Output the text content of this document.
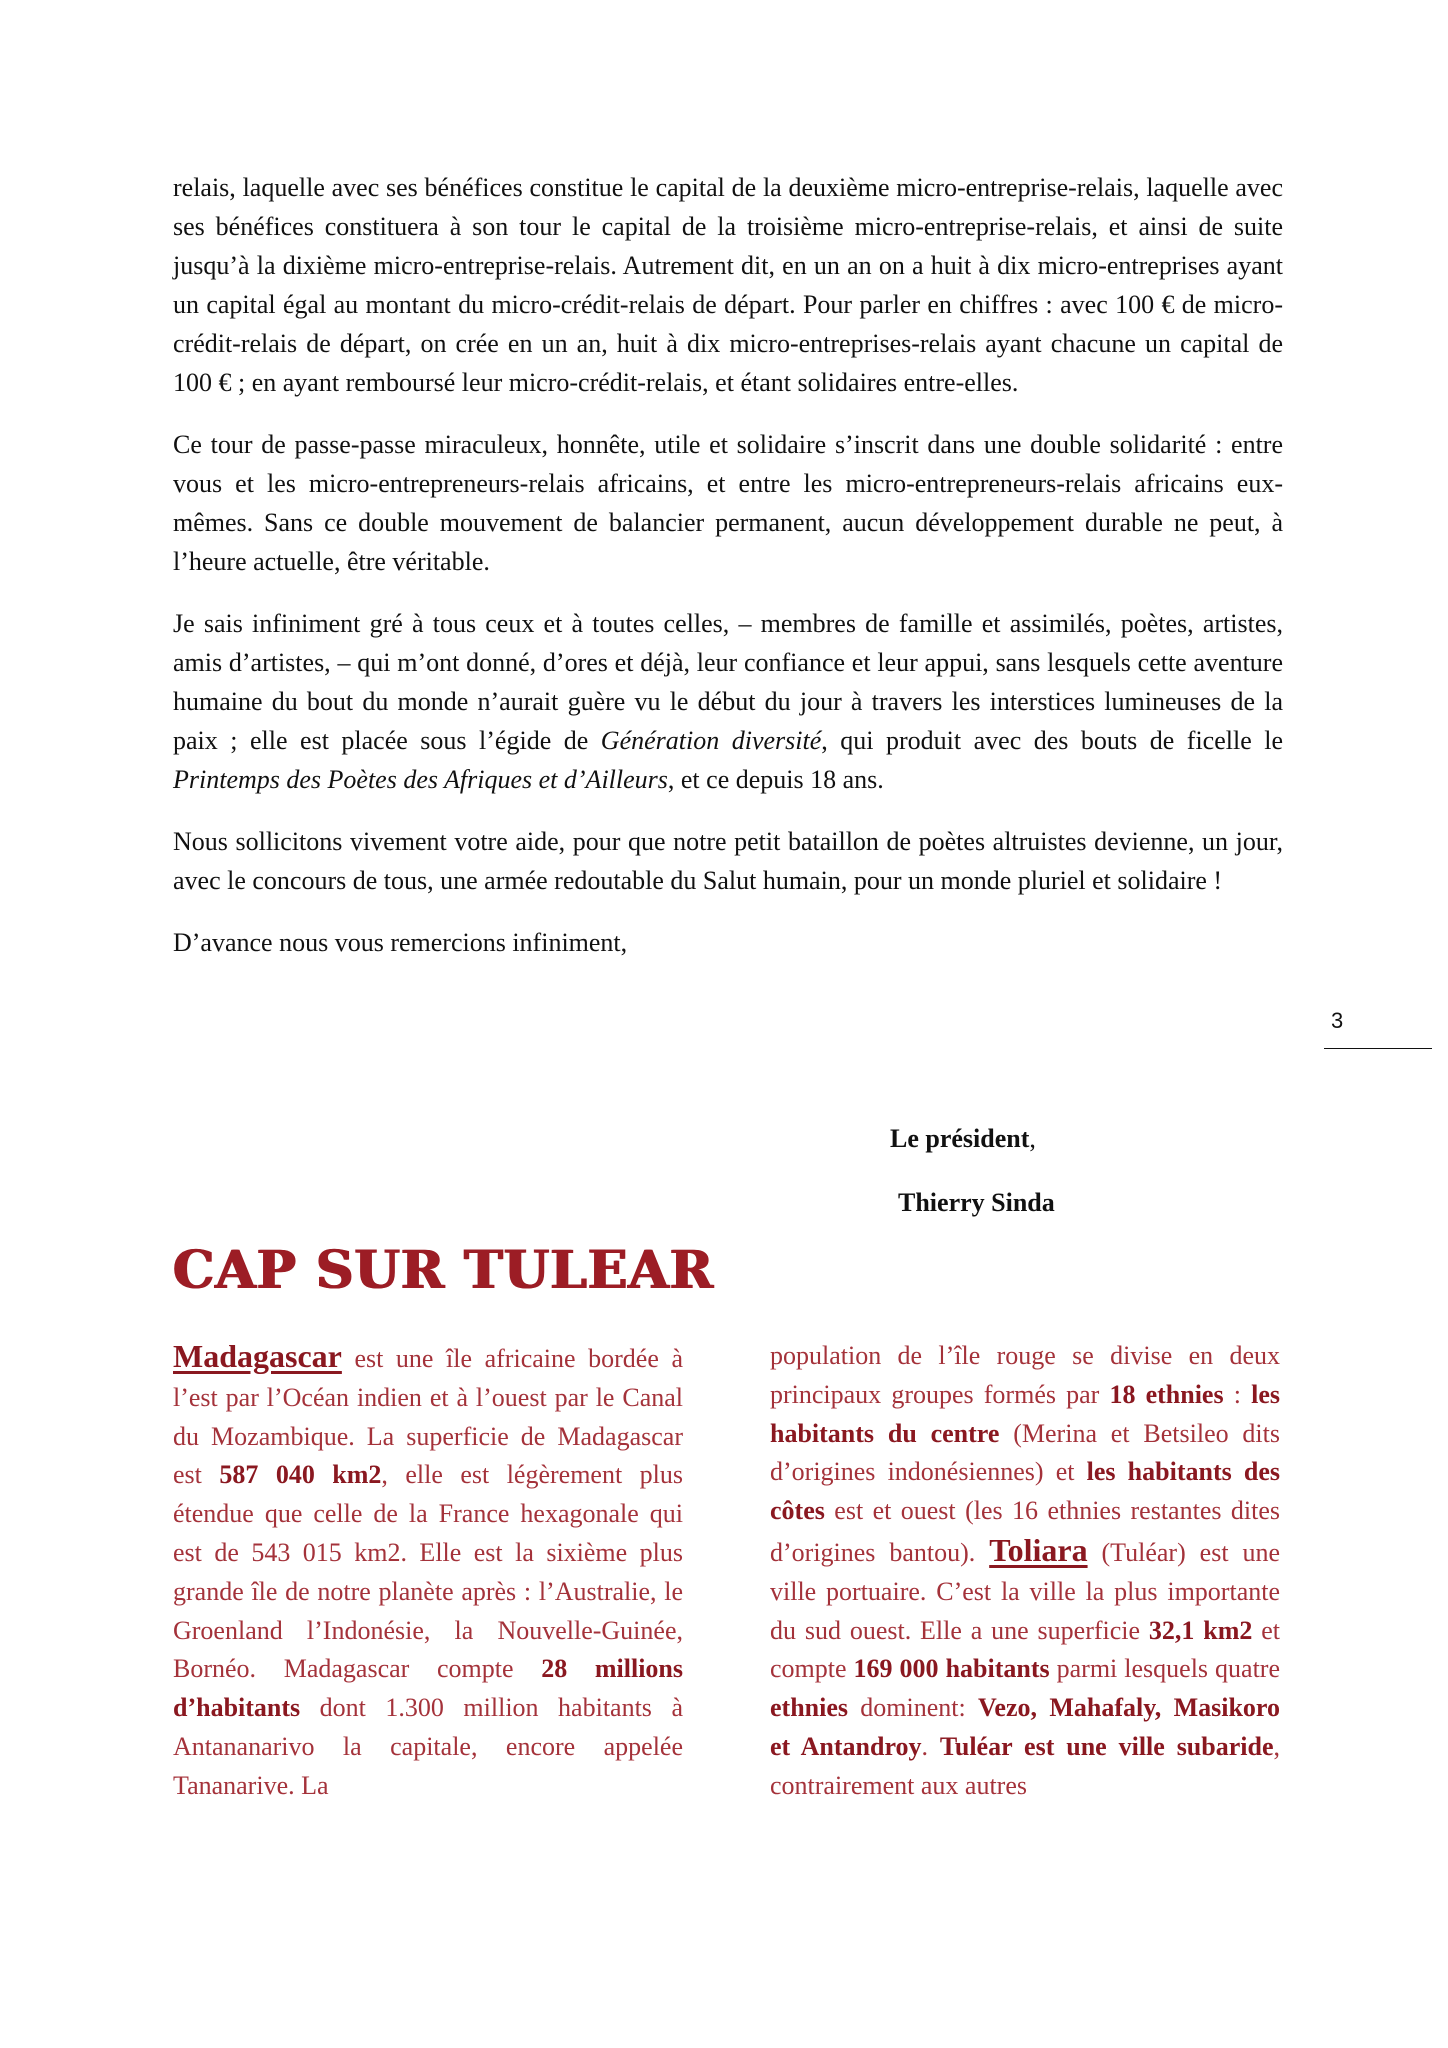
relais, laquelle avec ses bénéfices constitue le capital de la deuxième micro-entreprise-relais, laquelle avec ses bénéfices constituera à son tour le capital de la troisième micro-entreprise-relais, et ainsi de suite jusqu’à la dixième micro-entreprise-relais. Autrement dit, en un an on a huit à dix micro-entreprises ayant un capital égal au montant du micro-crédit-relais de départ. Pour parler en chiffres : avec 100 € de micro-crédit-relais de départ, on crée en un an, huit à dix micro-entreprises-relais ayant chacune un capital de 100 € ; en ayant remboursé leur micro-crédit-relais, et étant solidaires entre-elles.

Ce tour de passe-passe miraculeux, honnête, utile et solidaire s’inscrit dans une double solidarité : entre vous et les micro-entrepreneurs-relais africains, et entre les micro-entrepreneurs-relais africains eux-mêmes. Sans ce double mouvement de balancier permanent, aucun développement durable ne peut, à l’heure actuelle, être véritable.

Je sais infiniment gré à tous ceux et à toutes celles, – membres de famille et assimilés, poètes, artistes, amis d’artistes, – qui m’ont donné, d’ores et déjà, leur confiance et leur appui, sans lesquels cette aventure humaine du bout du monde n’aurait guère vu le début du jour à travers les interstices lumineuses de la paix ; elle est placée sous l’égide de Génération diversité, qui produit avec des bouts de ficelle le Printemps des Poètes des Afriques et d’Ailleurs, et ce depuis 18 ans.

Nous sollicitons vivement votre aide, pour que notre petit bataillon de poètes altruistes devienne, un jour, avec le concours de tous, une armée redoutable du Salut humain, pour un monde pluriel et solidaire !

D’avance nous vous remercions infiniment,

3
Le président,
Thierry Sinda
CAP SUR TULEAR
Madagascar est une île africaine bordée à l’est par l’Océan indien et à l’ouest par le Canal du Mozambique. La superficie de Madagascar est 587 040 km2, elle est légèrement plus étendue que celle de la France hexagonale qui est de 543 015 km2. Elle est la sixième plus grande île de notre planète après : l’Australie, le Groenland l’Indonésie, la Nouvelle-Guinée, Bornéo. Madagascar compte 28 millions d’habitants dont 1.300 million habitants à Antananarivo la capitale, encore appelée Tananarive. La
population de l’île rouge se divise en deux principaux groupes formés par 18 ethnies : les habitants du centre (Merina et Betsileo dits d’origines indonésiennes) et les habitants des côtes est et ouest (les 16 ethnies restantes dites d’origines bantou). Toliara (Tuléar) est une ville portuaire. C’est la ville la plus importante du sud ouest. Elle a une superficie 32,1 km2 et compte 169 000 habitants parmi lesquels quatre ethnies dominent: Vezo, Mahafaly, Masikoro et Antandroy. Tuléar est une ville subaride, contrairement aux autres
